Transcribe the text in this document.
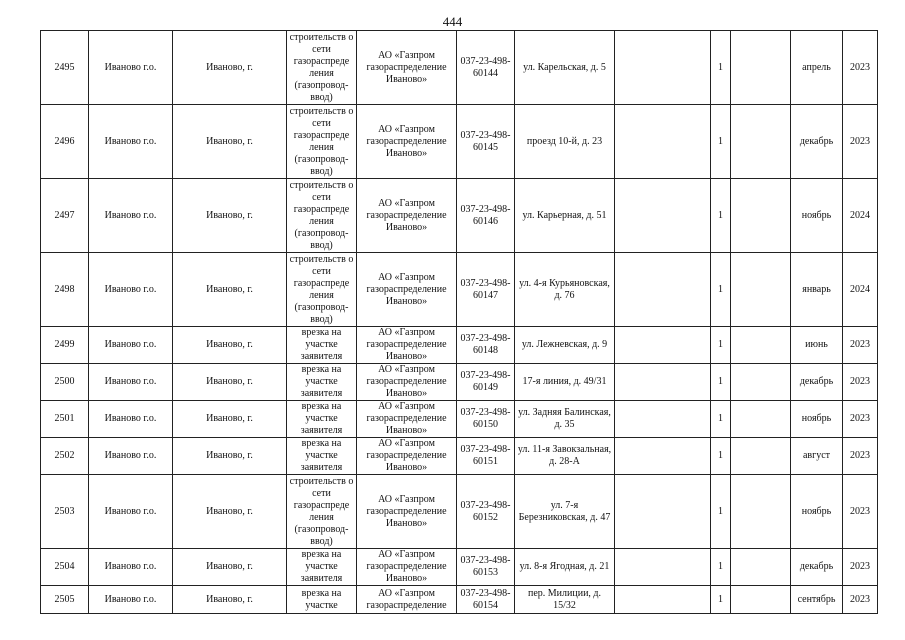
444
2495	Иваново г.о.	Иваново, г.	строительств о сети газораспреде ления (газопровод- ввод)	АО «Газпром газораспределение Иваново»	037-23-498-60144	ул. Карельская, д. 5		1		апрель	2023
2496	Иваново г.о.	Иваново, г.	строительств о сети газораспреде ления (газопровод- ввод)	АО «Газпром газораспределение Иваново»	037-23-498-60145	проезд 10-й, д. 23		1		декабрь	2023
2497	Иваново г.о.	Иваново, г.	строительств о сети газораспреде ления (газопровод- ввод)	АО «Газпром газораспределение Иваново»	037-23-498-60146	ул. Карьерная, д. 51		1		ноябрь	2024
2498	Иваново г.о.	Иваново, г.	строительств о сети газораспреде ления (газопровод- ввод)	АО «Газпром газораспределение Иваново»	037-23-498-60147	ул. 4-я Курьяновская, д. 76		1		январь	2024
2499	Иваново г.о.	Иваново, г.	врезка на участке заявителя	АО «Газпром газораспределение Иваново»	037-23-498-60148	ул. Лежневская, д. 9		1		июнь	2023
2500	Иваново г.о.	Иваново, г.	врезка на участке заявителя	АО «Газпром газораспределение Иваново»	037-23-498-60149	17-я линия, д. 49/31		1		декабрь	2023
2501	Иваново г.о.	Иваново, г.	врезка на участке заявителя	АО «Газпром газораспределение Иваново»	037-23-498-60150	ул. Задняя Балинская, д. 35		1		ноябрь	2023
2502	Иваново г.о.	Иваново, г.	врезка на участке заявителя	АО «Газпром газораспределение Иваново»	037-23-498-60151	ул. 11-я Завокзальная, д. 28-А		1		август	2023
2503	Иваново г.о.	Иваново, г.	строительств о сети газораспреде ления (газопровод- ввод)	АО «Газпром газораспределение Иваново»	037-23-498-60152	ул. 7-я Березниковская, д. 47		1		ноябрь	2023
2504	Иваново г.о.	Иваново, г.	врезка на участке заявителя	АО «Газпром газораспределение Иваново»	037-23-498-60153	ул. 8-я Ягодная, д. 21		1		декабрь	2023
2505	Иваново г.о.	Иваново, г.	врезка на участке	АО «Газпром газораспределение	037-23-498-60154	пер. Милиции, д. 15/32		1		сентябрь	2023
